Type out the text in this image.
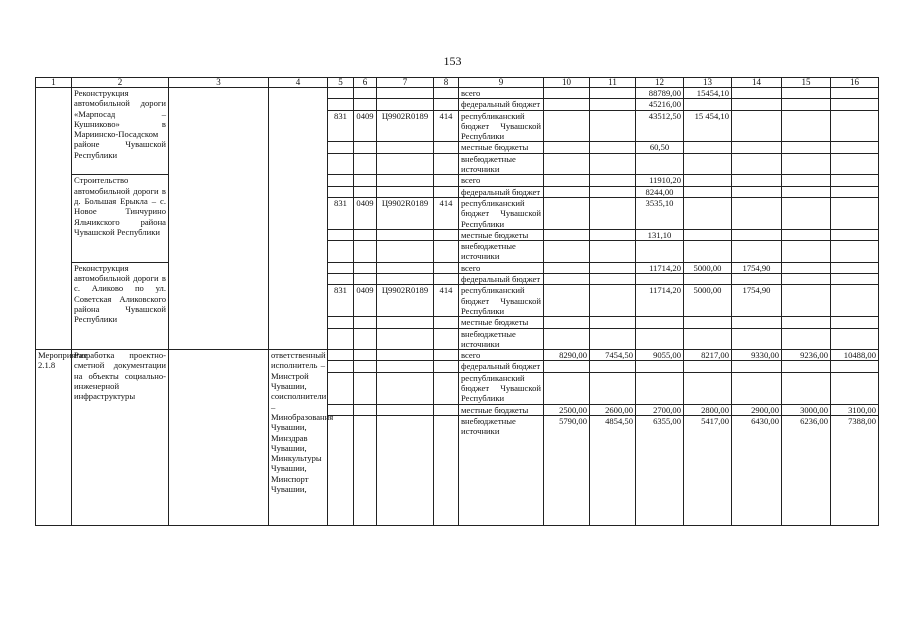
153
1	2	3	4	5	6	7	8	9	10	11	12	13	14	15	16
	Реконструкция автомобильной дороги «Марпосад – Кушниково» в Мариинско-Посадском районе Чувашской Республики							всего			88789,00	15454,10			
								федеральный бюджет			45216,00				
				831	0409	Ц9902R0189	414	республиканский бюджет Чувашской Республики			43512,50	15 454,10			
								местные бюджеты			60,50				
								внебюджетные источники							
	Строительство автомобильной дороги в д. Большая Ерыкла – с. Новое Тинчурино Яльчикского района Чувашской Республики							всего			11910,20				
								федеральный бюджет			8244,00				
				831	0409	Ц9902R0189	414	республиканский бюджет Чувашской Республики			3535,10				
								местные бюджеты			131,10				
								внебюджетные источники							
	Реконструкция автомобильной дороги в с. Аликово по ул. Советская Аликовского района Чувашской Республики							всего			11714,20	5000,00	1754,90		
								федеральный бюджет							
				831	0409	Ц9902R0189	414	республиканский бюджет Чувашской Республики			11714,20	5000,00	1754,90		
								местные бюджеты							
								внебюджетные источники							
Мероприятие 2.1.8	Разработка проектно-сметной документации на объекты социально-инженерной инфраструктуры		ответственный исполнитель – Минстрой Чувашии, соисполнители – Минобразования Чувашии, Минздрав Чувашии, Минкультуры Чувашии, Минспорт Чувашии,					всего	8290,00	7454,50	9055,00	8217,00	9330,00	9236,00	10488,00
								федеральный бюджет							
								республиканский бюджет Чувашской Республики							
								местные бюджеты	2500,00	2600,00	2700,00	2800,00	2900,00	3000,00	3100,00
								внебюджетные источники	5790,00	4854,50	6355,00	5417,00	6430,00	6236,00	7388,00
